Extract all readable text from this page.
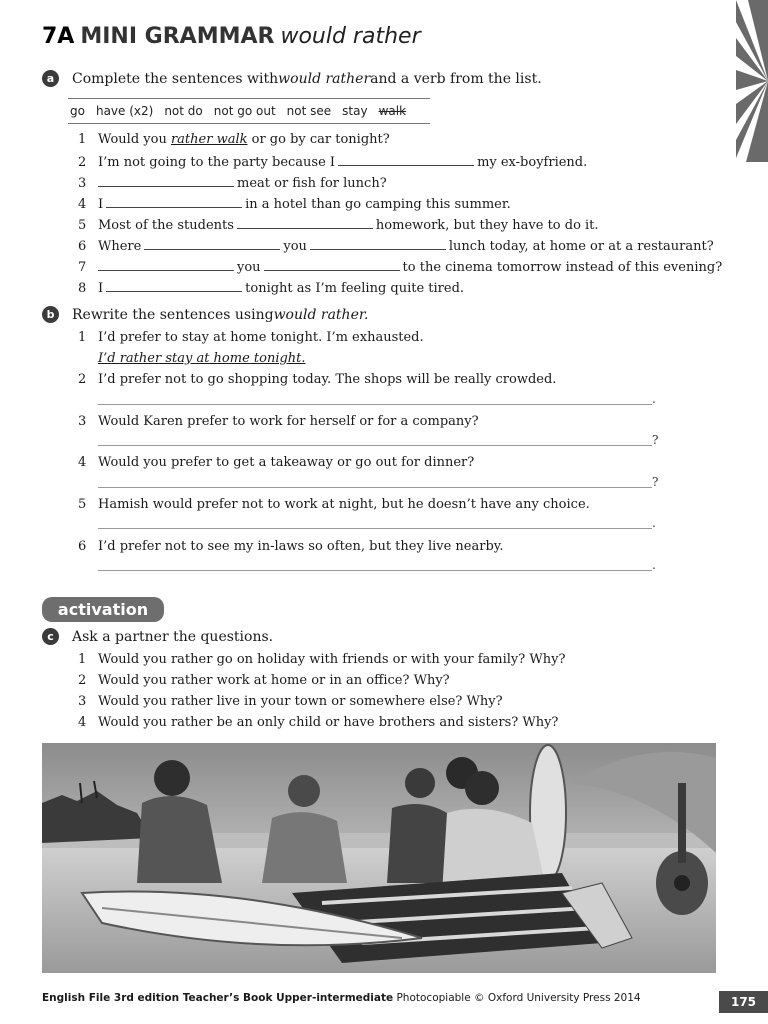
7A MINI GRAMMAR would rather
a	Complete the sentences with would rather and a verb from the list.
go have (x2) not do not go out not see stay walk
1 Would you rather walk or go by car tonight?
2 I’m not going to the party because I	my ex-boyfriend.
3	meat or fish for lunch?
4 I	in a hotel than go camping this summer.
5 Most of the students	homework, but they have to do it.
6 Where	you	lunch today, at home or at a restaurant?
7	you	to the cinema tomorrow instead of this evening?
8 I	tonight as I’m feeling quite tired.
b	Rewrite the sentences using would rather.
1 I’d prefer to stay at home tonight. I’m exhausted.
I’d rather stay at home tonight.
2 I’d prefer not to go shopping today. The shops will be really crowded.
.
3 Would Karen prefer to work for herself or for a company?
?
4 Would you prefer to get a takeaway or go out for dinner?
?
5 Hamish would prefer not to work at night, but he doesn’t have any choice.
.
6 I’d prefer not to see my in-laws so often, but they live nearby.
.
activation
c	Ask a partner the questions.
1 Would you rather go on holiday with friends or with your family? Why?
2 Would you rather work at home or in an office? Why?
3 Would you rather live in your town or somewhere else? Why?
4 Would you rather be an only child or have brothers and sisters? Why?
English File 3rd edition Teacher’s Book Upper-intermediate Photocopiable © Oxford University Press 2014	175
